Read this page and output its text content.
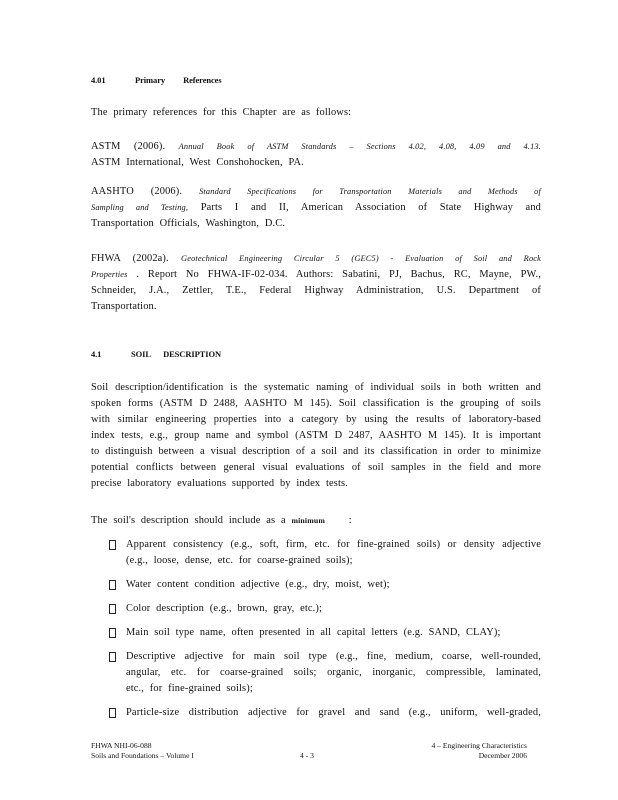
4.01	Primary References
The primary references for this Chapter are as follows:
ASTM (2006). Annual Book of ASTM Standards – Sections 4.02, 4.08, 4.09 and 4.13.
ASTM International, West Conshohocken, PA.
AASHTO (2006). Standard Specifications for Transportation Materials and Methods of
Sampling and Testing, Parts I and II, American Association of State Highway and
Transportation Officials, Washington, D.C.
FHWA (2002a). Geotechnical Engineering Circular 5 (GEC5) - Evaluation of Soil and Rock
Properties . Report No FHWA-IF-02-034. Authors: Sabatini, PJ, Bachus, RC, Mayne, PW.,
Schneider, J.A., Zettler, T.E., Federal Highway Administration, U.S. Department of
Transportation.
4.1	SOIL DESCRIPTION
Soil description/identification is the systematic naming of individual soils in both written and
spoken forms (ASTM D 2488, AASHTO M 145). Soil classification is the grouping of soils
with similar engineering properties into a category by using the results of laboratory-based
index tests, e.g., group name and symbol (ASTM D 2487, AASHTO M 145). It is important
to distinguish between a visual description of a soil and its classification in order to minimize
potential conflicts between general visual evaluations of soil samples in the field and more
precise laboratory evaluations supported by index tests.
The soil's description should include as a minimum :
Apparent consistency (e.g., soft, firm, etc. for fine-grained soils) or density adjective
(e.g., loose, dense, etc. for coarse-grained soils);
Water content condition adjective (e.g., dry, moist, wet);
Color description (e.g., brown, gray, etc.);
Main soil type name, often presented in all capital letters (e.g. SAND, CLAY);
Descriptive adjective for main soil type (e.g., fine, medium, coarse, well-rounded,
angular, etc. for coarse-grained soils; organic, inorganic, compressible, laminated,
etc., for fine-grained soils);
Particle-size distribution adjective for gravel and sand (e.g., uniform, well-graded,
FHWA NHI-06-088
Soils and Foundations – Volume I	4 - 3
4 – Engineering Characteristics
December 2006
